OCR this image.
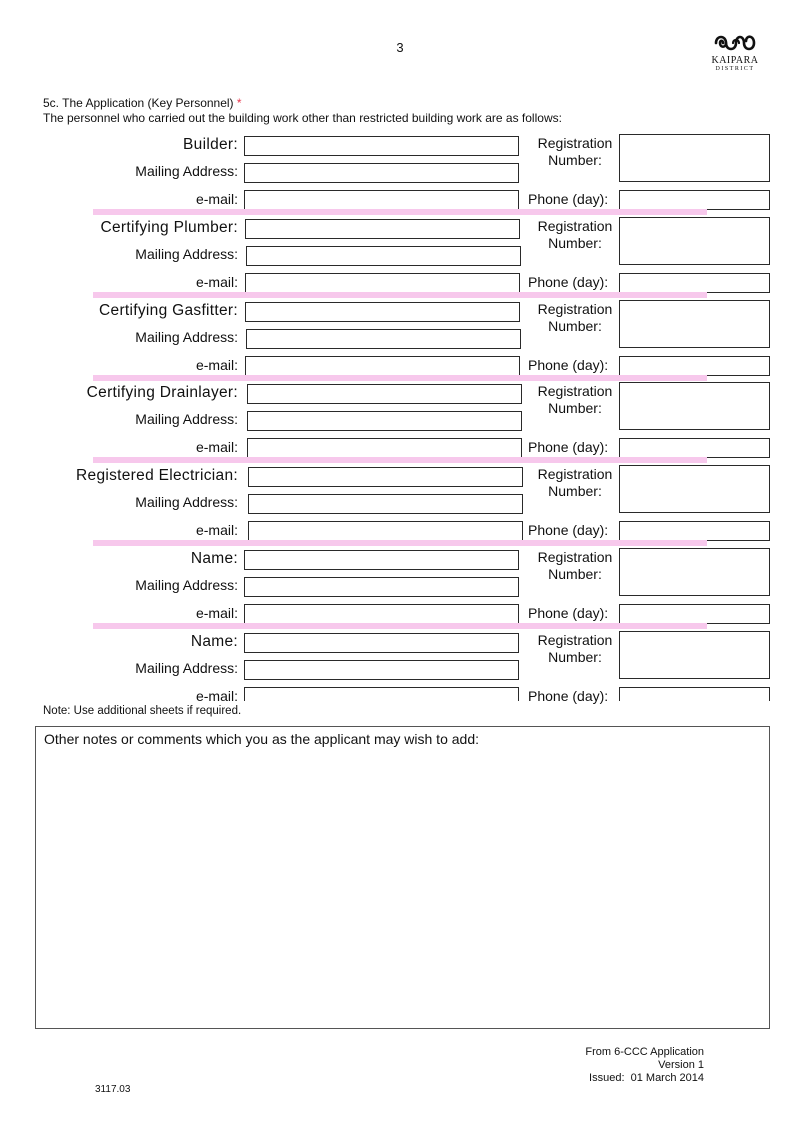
3
KAIPARA
DISTRICT
5c. The Application (Key Personnel) *
The personnel who carried out the building work other than restricted building work are as follows:
Builder:
Mailing Address:
e-mail:
Registration Number:
Phone (day):
Certifying Plumber:
Mailing Address:
e-mail:
Registration Number:
Phone (day):
Certifying Gasfitter:
Mailing Address:
e-mail:
Registration Number:
Phone (day):
Certifying Drainlayer:
Mailing Address:
e-mail:
Registration Number:
Phone (day):
Registered Electrician:
Mailing Address:
e-mail:
Registration Number:
Phone (day):
Name:
Mailing Address:
e-mail:
Registration Number:
Phone (day):
Name:
Mailing Address:
e-mail:
Registration Number:
Phone (day):
Note: Use additional sheets if required.
Other notes or comments which you as the applicant may wish to add:
From 6-CCC Application
Version 1
Issued:  01 March 2014
3117.03
